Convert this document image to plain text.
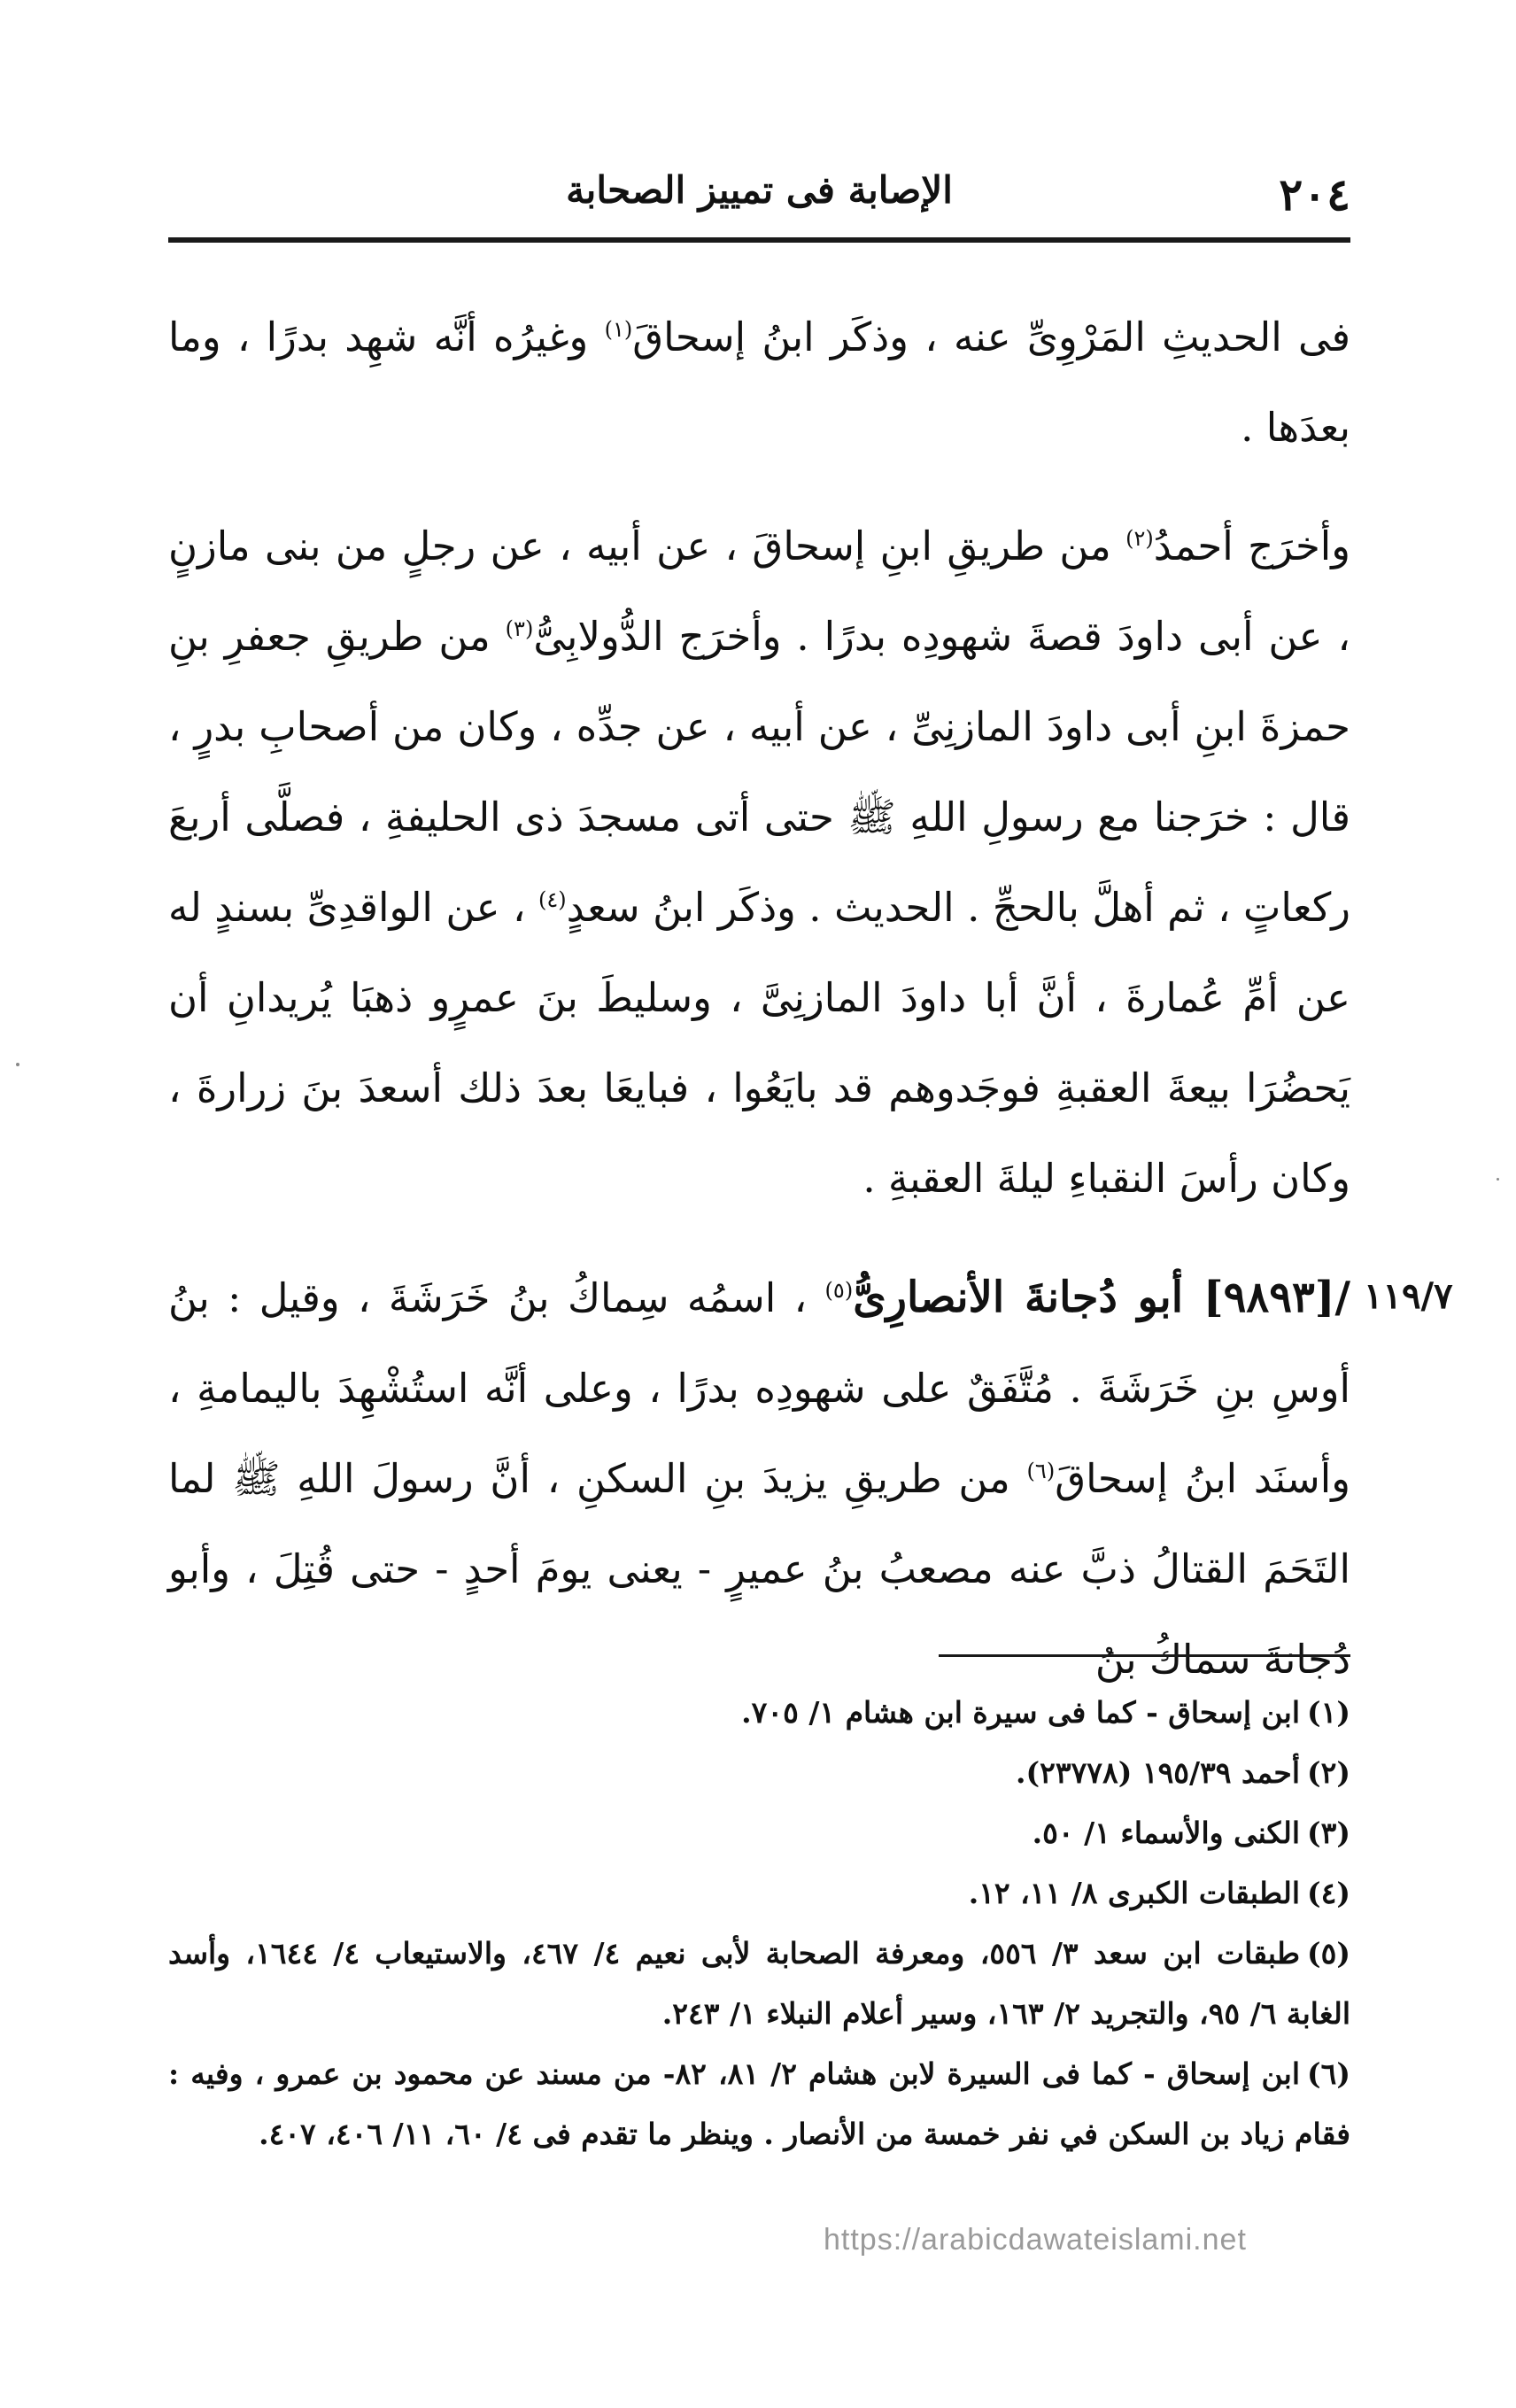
٢٠٤
الإصابة فى تمييز الصحابة

فى الحديثِ المَرْوِىِّ عنه ، وذكَر ابنُ إسحاقَ$^{(١)}$ وغيرُه أنَّه شهِد بدرًا ، وما بعدَها .

وأخرَج أحمدُ$^{(٢)}$ من طريقِ ابنِ إسحاقَ ، عن أبيه ، عن رجلٍ من بنى مازنٍ ، عن أبى داودَ قصةَ شهودِه بدرًا . وأخرَج الدُّولابِىُّ$^{(٣)}$ من طريقِ جعفرِ بنِ حمزةَ ابنِ أبى داودَ المازنِىِّ ، عن أبيه ، عن جدِّه ، وكان من أصحابِ بدرٍ ، قال : خرَجنا مع رسولِ اللهِ ﷺ حتى أتى مسجدَ ذى الحليفةِ ، فصلَّى أربعَ ركعاتٍ ، ثم أهلَّ بالحجِّ . الحديث . وذكَر ابنُ سعدٍ$^{(٤)}$ ، عن الواقدِىِّ بسندٍ له عن أمِّ عُمارةَ ، أنَّ أبا داودَ المازنِىَّ ، وسليطَ بنَ عمرٍو ذهبَا يُريدانِ أن يَحضُرَا بيعةَ العقبةِ فوجَدوهم قد بايَعُوا ، فبايعَا بعدَ ذلك أسعدَ بنَ زرارةَ ، وكان رأسَ النقباءِ ليلةَ العقبةِ .

/[٩٨٩٣] أبو دُجانةَ الأنصارِىُّ$^{(٥)}$ ، اسمُه سِماكُ بنُ خَرَشَةَ ، وقيل : بنُ أوسِ بنِ خَرَشَةَ . مُتَّفَقٌ على شهودِه بدرًا ، وعلى أنَّه استُشْهِدَ باليمامةِ ، وأسنَد ابنُ إسحاقَ$^{(٦)}$ من طريقِ يزيدَ بنِ السكنِ ، أنَّ رسولَ اللهِ ﷺ لما التَحَمَ القتالُ ذبَّ عنه مصعبُ بنُ عميرٍ - يعنى يومَ أحدٍ - حتى قُتِلَ ، وأبو دُجانةَ سماكُ بنُ

١١٩/٧
(١)ابن إسحاق - كما فى سيرة ابن هشام ١/ ٧٠٥.
(٢)أحمد ١٩٥/٣٩ (٢٣٧٧٨).
(٣)الكنى والأسماء ١/ ٥٠.
(٤)الطبقات الكبرى ٨/ ١١، ١٢.
(٥)طبقات ابن سعد ٣/ ٥٥٦، ومعرفة الصحابة لأبى نعيم ٤/ ٤٦٧، والاستيعاب ٤/ ١٦٤٤، وأسد الغابة ٦/ ٩٥، والتجريد ٢/ ١٦٣، وسير أعلام النبلاء ١/ ٢٤٣.
(٦)ابن إسحاق - كما فى السيرة لابن هشام ٢/ ٨١، ٨٢- من مسند عن محمود بن عمرو ، وفيه : فقام زياد بن السكن في نفر خمسة من الأنصار . وينظر ما تقدم فى ٤/ ٦٠، ١١/ ٤٠٦، ٤٠٧.
https://arabicdawateislami.net
